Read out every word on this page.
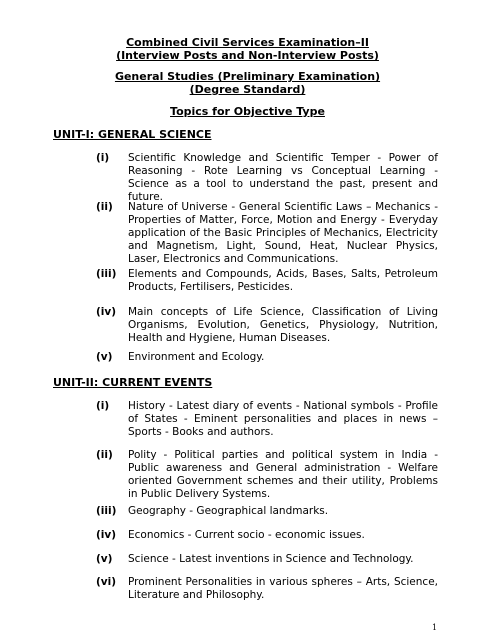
Combined Civil Services Examination–II
(Interview Posts and Non-Interview Posts)
General Studies (Preliminary Examination)
(Degree Standard)
Topics for Objective Type
UNIT-I: GENERAL SCIENCE
(i)	Scientific Knowledge and Scientific Temper - Power of Reasoning - Rote Learning vs Conceptual Learning - Science as a tool to understand the past, present and future.
(ii)	Nature of Universe - General Scientific Laws – Mechanics - Properties of Matter, Force, Motion and Energy - Everyday application of the Basic Principles of Mechanics, Electricity and Magnetism, Light, Sound, Heat, Nuclear Physics, Laser, Electronics and Communications.
(iii)	Elements and Compounds, Acids, Bases, Salts, Petroleum Products, Fertilisers, Pesticides.
(iv)	Main concepts of Life Science, Classification of Living Organisms, Evolution, Genetics, Physiology, Nutrition, Health and Hygiene, Human Diseases.
(v)	Environment and Ecology.
UNIT-II: CURRENT EVENTS
(i)	History - Latest diary of events - National symbols - Profile of States - Eminent personalities and places in news – Sports - Books and authors.
(ii)	Polity - Political parties and political system in India - Public awareness and General administration - Welfare oriented Government schemes and their utility, Problems in Public Delivery Systems.
(iii)	Geography - Geographical landmarks.
(iv)	Economics - Current socio - economic issues.
(v)	Science - Latest inventions in Science and Technology.
(vi)	Prominent Personalities in various spheres – Arts, Science, Literature and Philosophy.
1
